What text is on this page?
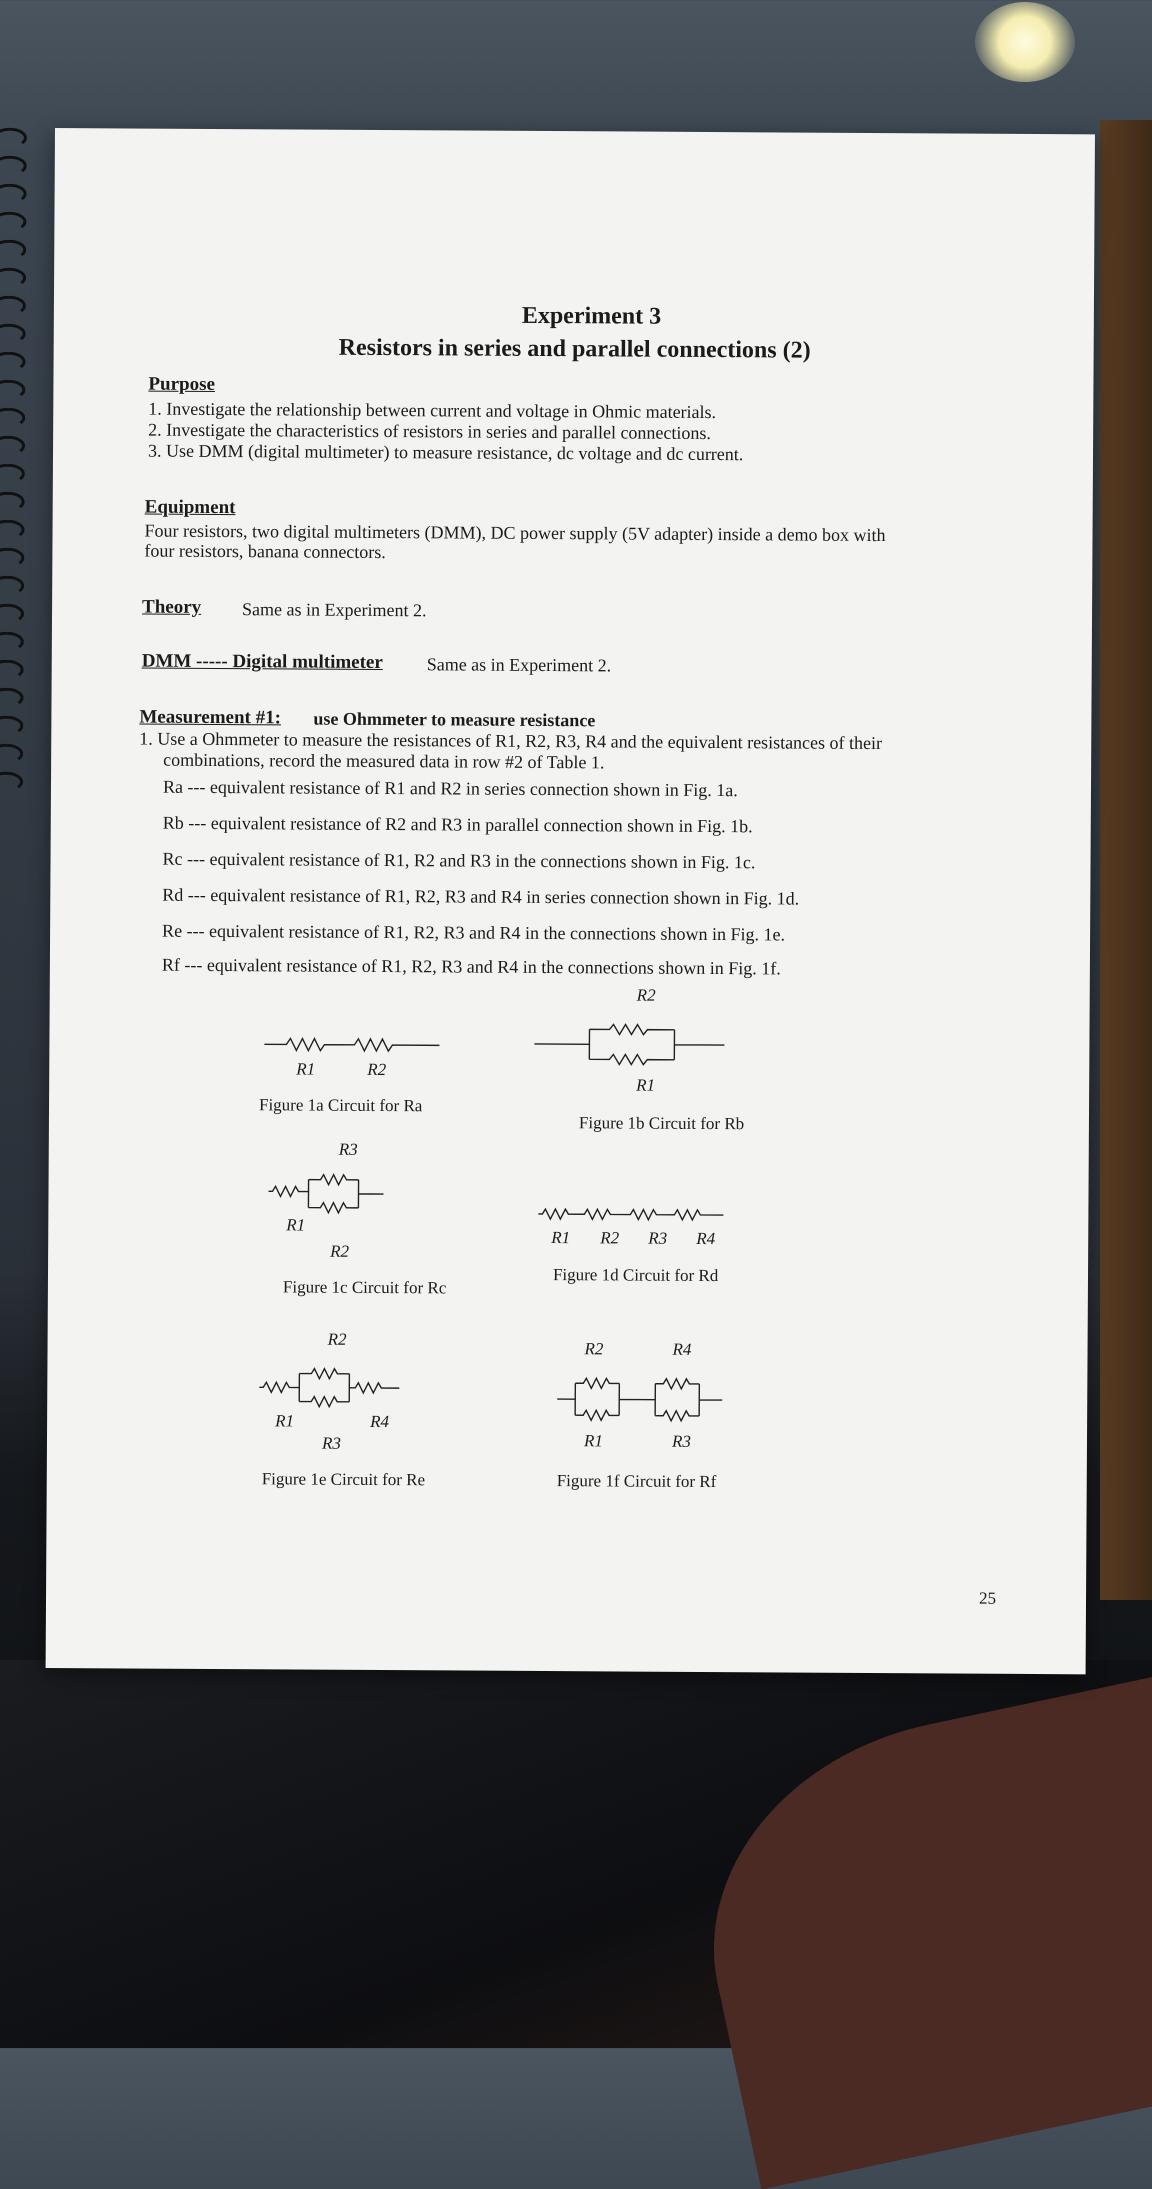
Experiment 3
Resistors in series and parallel connections (2)
Purpose
1. Investigate the relationship between current and voltage in Ohmic materials.
2. Investigate the characteristics of resistors in series and parallel connections.
3. Use DMM (digital multimeter) to measure resistance, dc voltage and dc current.
Equipment
Four resistors, two digital multimeters (DMM), DC power supply (5V adapter) inside a demo box with
four resistors, banana connectors.
Theory Same as in Experiment 2.
DMM ----- Digital multimeter Same as in Experiment 2.
Measurement #1: use Ohmmeter to measure resistance
1. Use a Ohmmeter to measure the resistances of R1, R2, R3, R4 and the equivalent resistances of their
combinations, record the measured data in row #2 of Table 1.
Ra --- equivalent resistance of R1 and R2 in series connection shown in Fig. 1a.
Rb --- equivalent resistance of R2 and R3 in parallel connection shown in Fig. 1b.
Rc --- equivalent resistance of R1, R2 and R3 in the connections shown in Fig. 1c.
Rd --- equivalent resistance of R1, R2, R3 and R4 in series connection shown in Fig. 1d.
Re --- equivalent resistance of R1, R2, R3 and R4 in the connections shown in Fig. 1e.
Rf --- equivalent resistance of R1, R2, R3 and R4 in the connections shown in Fig. 1f.
R1	R2
Figure 1a Circuit for Ra
R2
R1
Figure 1b Circuit for Rb
R3
R1
R2
Figure 1c Circuit for Rc
R1 R2 R3 R4
Figure 1d Circuit for Rd
R2
R1
R3
R4
Figure 1e Circuit for Re
R2	R4
R1	R3
Figure 1f Circuit for Rf
25
